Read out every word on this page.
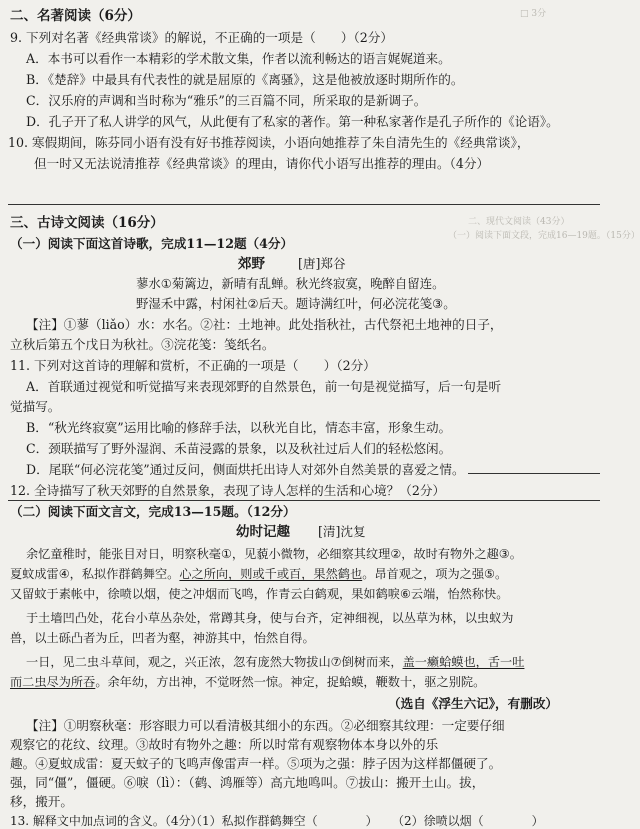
□ 3分
二、现代文阅读（43分）
（一）阅读下面文段，完成16—19题。（15分）
二、名著阅读（6分）
9. 下列对名著《经典常谈》的解说，不正确的一项是（　　）（2分）
A．本书可以看作一本精彩的学术散文集，作者以流利畅达的语言娓娓道来。
B．《楚辞》中最具有代表性的就是屈原的《离骚》，这是他被放逐时期所作的。
C．汉乐府的声调和当时称为“雅乐”的三百篇不同，所采取的是新调子。
D．孔子开了私人讲学的风气，从此便有了私家的著作。第一种私家著作是孔子所作的《论语》。
10. 寒假期间，陈芬同小语有没有好书推荐阅读，小语向她推荐了朱自清先生的《经典常谈》，
但一时又无法说清推荐《经典常谈》的理由，请你代小语写出推荐的理由。（4分）
三、古诗文阅读（16分）
（一）阅读下面这首诗歌，完成11—12题（4分）
郊野	[唐]郑谷
蓼水①菊篱边，新晴有乱蝉。秋光终寂寞，晚醉自留连。
野湿禾中露，村闲社②后天。题诗满红叶，何必浣花笺③。
【注】①蓼（liǎo）水：水名。②社：土地神。此处指秋社，古代祭祀土地神的日子，
立秋后第五个戊日为秋社。③浣花笺：笺纸名。
11. 下列对这首诗的理解和赏析，不正确的一项是（　　）（2分）
A．首联通过视觉和听觉描写来表现郊野的自然景色，前一句是视觉描写，后一句是听
觉描写。
B．“秋光终寂寞”运用比喻的修辞手法，以秋光自比，情态丰富，形象生动。
C．颈联描写了野外湿润、禾苗浸露的景象，以及秋社过后人们的轻松悠闲。
D．尾联“何必浣花笺”通过反问，侧面烘托出诗人对郊外自然美景的喜爱之情。
12. 全诗描写了秋天郊野的自然景象，表现了诗人怎样的生活和心境？（2分）
（二）阅读下面文言文，完成13—15题。（12分）
幼时记趣 [清]沈复
余忆童稚时，能张目对日，明察秋毫①，见藐小微物，必细察其纹理②，故时有物外之趣③。
夏蚊成雷④，私拟作群鹤舞空。心之所向，则或千或百，果然鹤也。昂首观之，项为之强⑤。
又留蚊于素帐中，徐喷以烟，使之冲烟而飞鸣，作青云白鹤观，果如鹤唳⑥云端，怡然称快。
于土墙凹凸处，花台小草丛杂处，常蹲其身，使与台齐，定神细视，以丛草为林，以虫蚁为
兽，以土砾凸者为丘，凹者为壑，神游其中，怡然自得。
一日，见二虫斗草间，观之，兴正浓，忽有庞然大物拔山⑦倒树而来，盖一癞蛤蟆也，舌一吐
而二虫尽为所吞。余年幼，方出神，不觉呀然一惊。神定，捉蛤蟆，鞭数十，驱之别院。
（选自《浮生六记》，有删改）
【注】①明察秋毫：形容眼力可以看清极其细小的东西。②必细察其纹理：一定要仔细
观察它的花纹、纹理。③故时有物外之趣：所以时常有观察物体本身以外的乐
趣。④夏蚊成雷：夏天蚊子的飞鸣声像雷声一样。⑤项为之强：脖子因为这样都僵硬了。
强，同“僵”，僵硬。⑥唳（lì）：（鹤、鸿雁等）高亢地鸣叫。⑦拔山：搬开土山。拔，
移，搬开。
13. 解释文中加点词的含义。（4分）
（1）私拟作群鹤舞空（　　　　） （2）徐喷以烟（　　　　）
